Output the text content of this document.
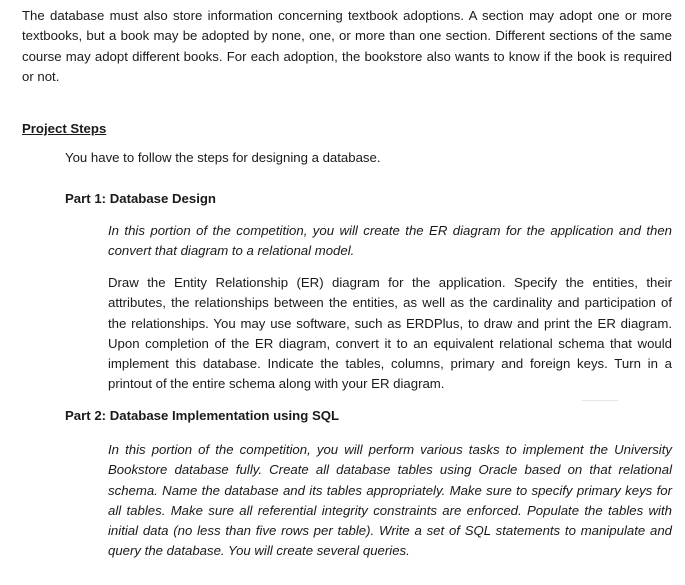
The database must also store information concerning textbook adoptions. A section may adopt one or more textbooks, but a book may be adopted by none, one, or more than one section. Different sections of the same course may adopt different books. For each adoption, the bookstore also wants to know if the book is required or not.

Project Steps

You have to follow the steps for designing a database.

Part 1: Database Design

In this portion of the competition, you will create the ER diagram for the application and then convert that diagram to a relational model.

Draw the Entity Relationship (ER) diagram for the application. Specify the entities, their attributes, the relationships between the entities, as well as the cardinality and participation of the relationships. You may use software, such as ERDPlus, to draw and print the ER diagram. Upon completion of the ER diagram, convert it to an equivalent relational schema that would implement this database. Indicate the tables, columns, primary and foreign keys. Turn in a printout of the entire schema along with your ER diagram.

Part 2: Database Implementation using SQL

In this portion of the competition, you will perform various tasks to implement the University Bookstore database fully. Create all database tables using Oracle based on that relational schema. Name the database and its tables appropriately. Make sure to specify primary keys for all tables. Make sure all referential integrity constraints are enforced. Populate the tables with initial data (no less than five rows per table). Write a set of SQL statements to manipulate and query the database. You will create several queries.
